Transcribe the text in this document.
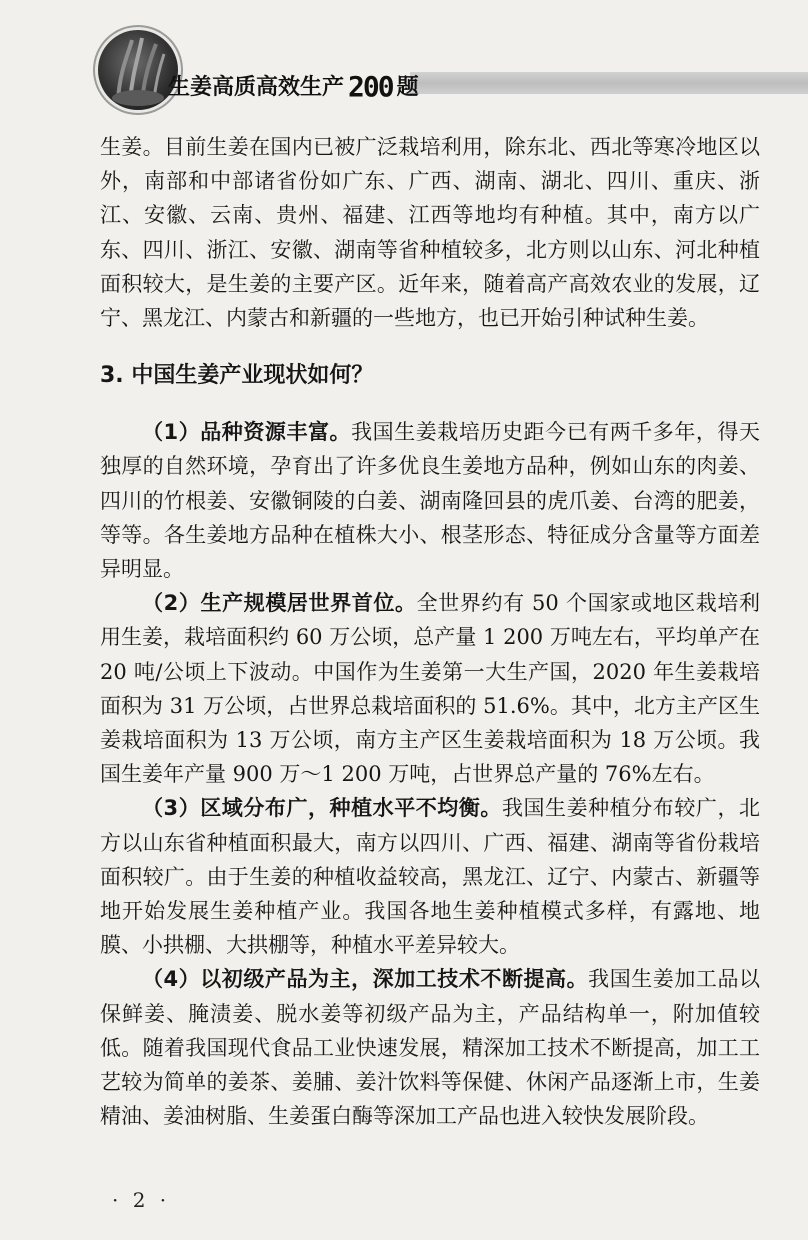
生姜高质高效生产 200 题

生姜。目前生姜在国内已被广泛栽培利用，除东北、西北等寒冷地区以外，南部和中部诸省份如广东、广西、湖南、湖北、四川、重庆、浙江、安徽、云南、贵州、福建、江西等地均有种植。其中，南方以广东、四川、浙江、安徽、湖南等省种植较多，北方则以山东、河北种植面积较大，是生姜的主要产区。近年来，随着高产高效农业的发展，辽宁、黑龙江、内蒙古和新疆的一些地方，也已开始引种试种生姜。

3. 中国生姜产业现状如何？

（1）品种资源丰富。我国生姜栽培历史距今已有两千多年，得天独厚的自然环境，孕育出了许多优良生姜地方品种，例如山东的肉姜、四川的竹根姜、安徽铜陵的白姜、湖南隆回县的虎爪姜、台湾的肥姜，等等。各生姜地方品种在植株大小、根茎形态、特征成分含量等方面差异明显。

（2）生产规模居世界首位。全世界约有 50 个国家或地区栽培利用生姜，栽培面积约 60 万公顷，总产量 1 200 万吨左右，平均单产在 20 吨/公顷上下波动。中国作为生姜第一大生产国，2020 年生姜栽培面积为 31 万公顷，占世界总栽培面积的 51.6%。其中，北方主产区生姜栽培面积为 13 万公顷，南方主产区生姜栽培面积为 18 万公顷。我国生姜年产量 900 万～1 200 万吨，占世界总产量的 76%左右。

（3）区域分布广，种植水平不均衡。我国生姜种植分布较广，北方以山东省种植面积最大，南方以四川、广西、福建、湖南等省份栽培面积较广。由于生姜的种植收益较高，黑龙江、辽宁、内蒙古、新疆等地开始发展生姜种植产业。我国各地生姜种植模式多样，有露地、地膜、小拱棚、大拱棚等，种植水平差异较大。

（4）以初级产品为主，深加工技术不断提高。我国生姜加工品以保鲜姜、腌渍姜、脱水姜等初级产品为主，产品结构单一，附加值较低。随着我国现代食品工业快速发展，精深加工技术不断提高，加工工艺较为简单的姜茶、姜脯、姜汁饮料等保健、休闲产品逐渐上市，生姜精油、姜油树脂、生姜蛋白酶等深加工产品也进入较快发展阶段。

· 2 ·
